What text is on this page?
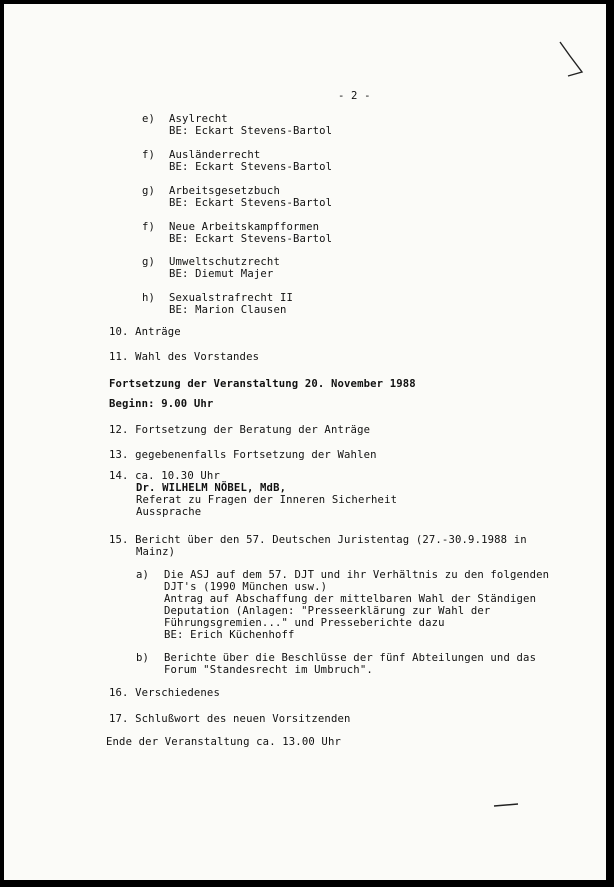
- 2 -
e) Asylrecht
BE: Eckart Stevens-Bartol
f) Ausländerrecht
BE: Eckart Stevens-Bartol
g) Arbeitsgesetzbuch
BE: Eckart Stevens-Bartol
f) Neue Arbeitskampfformen
BE: Eckart Stevens-Bartol
g) Umweltschutzrecht
BE: Diemut Majer
h) Sexualstrafrecht II
BE: Marion Clausen
10. Anträge
11. Wahl des Vorstandes
Fortsetzung der Veranstaltung 20. November 1988
Beginn: 9.00 Uhr
12. Fortsetzung der Beratung der Anträge
13. gegebenenfalls Fortsetzung der Wahlen
14. ca. 10.30 Uhr
Dr. WILHELM NÖBEL, MdB,
Referat zu Fragen der Inneren Sicherheit
Aussprache
15. Bericht über den 57. Deutschen Juristentag (27.-30.9.1988 in
Mainz)
a) Die ASJ auf dem 57. DJT und ihr Verhältnis zu den folgenden
DJT's (1990 München usw.)
Antrag auf Abschaffung der mittelbaren Wahl der Ständigen
Deputation (Anlagen: "Presseerklärung zur Wahl der
Führungsgremien..." und Presseberichte dazu
BE: Erich Küchenhoff
b) Berichte über die Beschlüsse der fünf Abteilungen und das
Forum "Standesrecht im Umbruch".
16. Verschiedenes
17. Schlußwort des neuen Vorsitzenden
Ende der Veranstaltung ca. 13.00 Uhr
